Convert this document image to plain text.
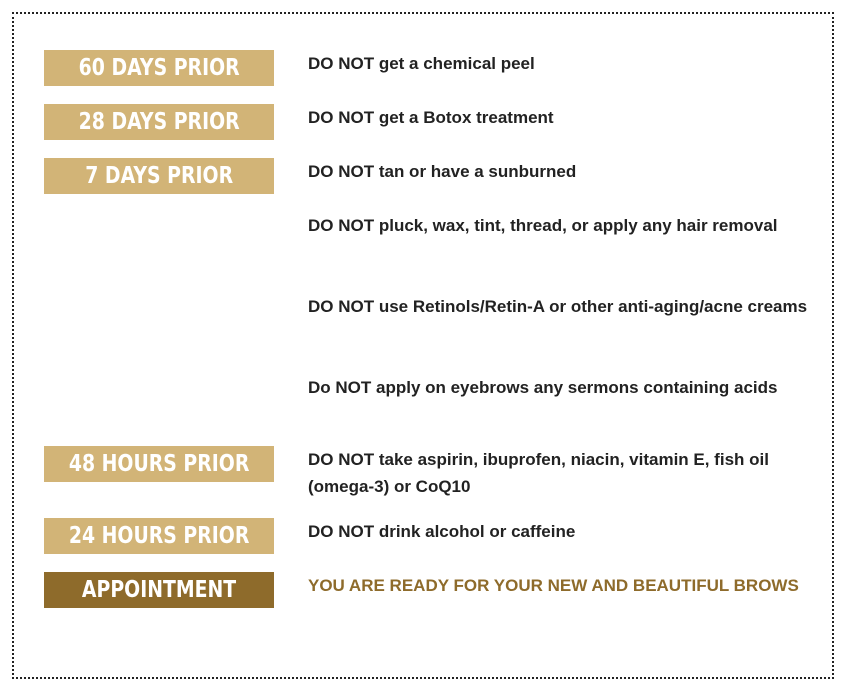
60 DAYS PRIOR	DO NOT get a chemical peel
28 DAYS PRIOR	DO NOT get a Botox treatment
7 DAYS PRIOR	DO NOT tan or have a sunburned
DO NOT pluck, wax, tint, thread, or apply any hair removal
DO NOT use Retinols/Retin-A or other anti-aging/acne creams
Do NOT apply on eyebrows any sermons containing acids
48 HOURS PRIOR	DO NOT take aspirin, ibuprofen, niacin, vitamin E, fish oil (omega-3) or CoQ10
24 HOURS PRIOR	DO NOT drink alcohol or caffeine
APPOINTMENT	YOU ARE READY FOR YOUR NEW AND BEAUTIFUL BROWS
